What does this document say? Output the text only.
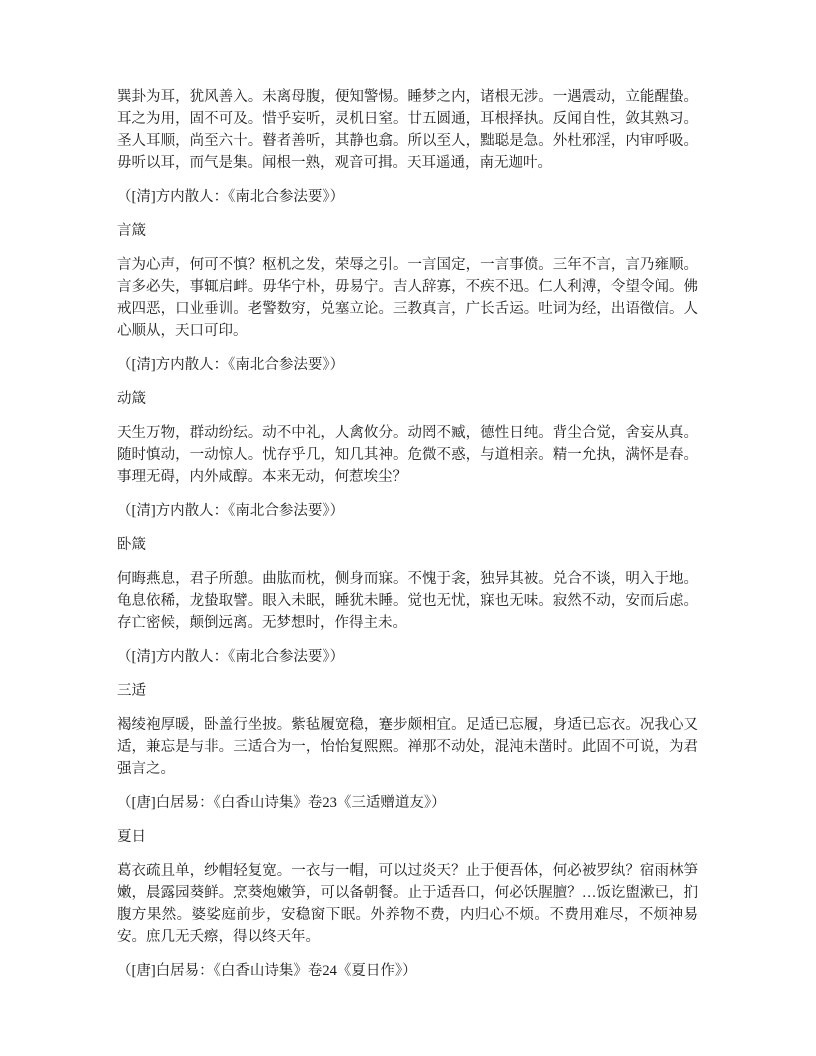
巽卦为耳，犹风善入。未离母腹，便知警惕。睡梦之内，诸根无涉。一遇震动，立能醒蛰。耳之为用，固不可及。惜乎妄听，灵机日窒。廿五圆通，耳根择执。反闻自性，敛其熟习。圣人耳顺，尚至六十。瞽者善听，其静也翕。所以至人，黜聪是急。外杜邪淫，内审呼吸。毋听以耳，而气是集。闻根一熟，观音可揖。天耳遥通，南无迦叶。

（[清]方内散人：《南北合参法要》）

言箴

言为心声，何可不慎？枢机之发，荣辱之引。一言国定，一言事偾。三年不言，言乃雍顺。言多必失，事辄启衅。毋华宁朴，毋易宁。吉人辞寡，不疾不迅。仁人利溥，令望令闻。佛戒四恶，口业垂训。老警数穷，兑塞立论。三教真言，广长舌运。吐词为经，出语徵信。人心顺从，天口可印。

（[清]方内散人：《南北合参法要》）

动箴

天生万物，群动纷纭。动不中礼，人禽攸分。动罔不臧，德性日纯。背尘合觉，舍妄从真。随时慎动，一动惊人。忧存乎几，知几其神。危微不惑，与道相亲。精一允执，满怀是春。事理无碍，内外咸醇。本来无动，何惹埃尘？

（[清]方内散人：《南北合参法要》）

卧箴

何晦燕息，君子所憩。曲肱而枕，侧身而寐。不愧于衾，独异其被。兑合不谈，明入于地。龟息依稀，龙蛰取譬。眼入未眠，睡犹未睡。觉也无忧，寐也无味。寂然不动，安而后虑。存亡密候，颠倒远离。无梦想时，作得主未。

（[清]方内散人：《南北合参法要》）

三适

褐绫袍厚暖，卧盖行坐披。紫毡履宽稳，蹇步颇相宜。足适已忘履，身适已忘衣。况我心又适，兼忘是与非。三适合为一，怡怡复熙熙。禅那不动处，混沌未凿时。此固不可说，为君强言之。

（[唐]白居易：《白香山诗集》卷23《三适赠道友》）

夏日

葛衣疏且单，纱帽轻复宽。一衣与一帽，可以过炎天？止于便吾体，何必被罗纨？宿雨林笋嫩，晨露园葵鲜。烹葵炮嫩笋，可以备朝餐。止于适吾口，何必饫腥膻？…饭讫盥漱已，扪腹方果然。婆娑庭前步，安稳窗下眠。外养物不费，内归心不烦。不费用难尽，不烦神易安。庶几无夭瘵，得以终天年。

（[唐]白居易：《白香山诗集》卷24《夏日作》）
